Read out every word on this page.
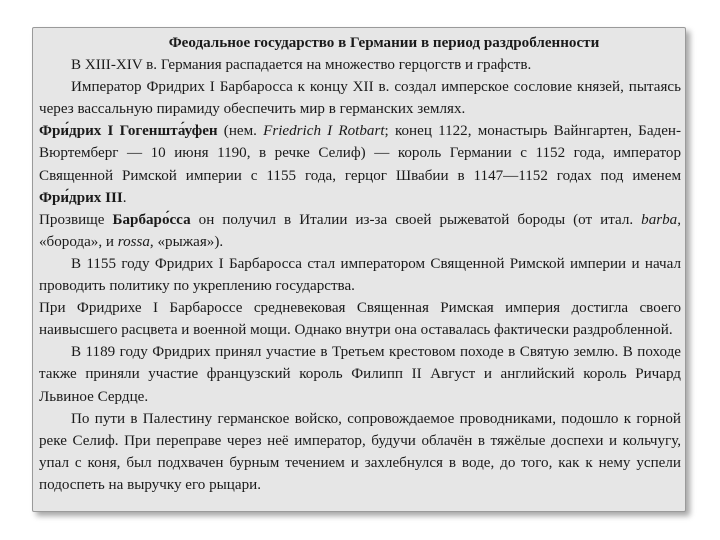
Феодальное государство в Германии в период раздробленности

В XIII-XIV в. Германия распадается на множество герцогств и графств.

Император Фридрих I Барбаросса к концу XII в. создал имперское сословие князей, пытаясь через вассальную пирамиду обеспечить мир в германских землях.

Фри́дрих I Гогеншта́уфен (нем. Friedrich I Rotbart; конец 1122, монастырь Вайнгартен, Баден-Вюртемберг — 10 июня 1190, в речке Селиф) — король Германии с 1152 года, император Священной Римской империи с 1155 года, герцог Швабии в 1147—1152 годах под именем Фри́дрих III.

Прозвище Барбаро́сса он получил в Италии из-за своей рыжеватой бороды (от итал. barba, «борода», и rossa, «рыжая»).

В 1155 году Фридрих I Барбаросса стал императором Священной Римской империи и начал проводить политику по укреплению государства.

При Фридрихе I Барбароссе средневековая Священная Римская империя достигла своего наивысшего расцвета и военной мощи. Однако внутри она оставалась фактически раздробленной.

В 1189 году Фридрих принял участие в Третьем крестовом походе в Святую землю. В походе также приняли участие французский король Филипп II Август и английский король Ричард Львиное Сердце.

По пути в Палестину германское войско, сопровождаемое проводниками, подошло к горной реке Селиф. При переправе через неё император, будучи облачён в тяжёлые доспехи и кольчугу, упал с коня, был подхвачен бурным течением и захлебнулся в воде, до того, как к нему успели подоспеть на выручку его рыцари.
